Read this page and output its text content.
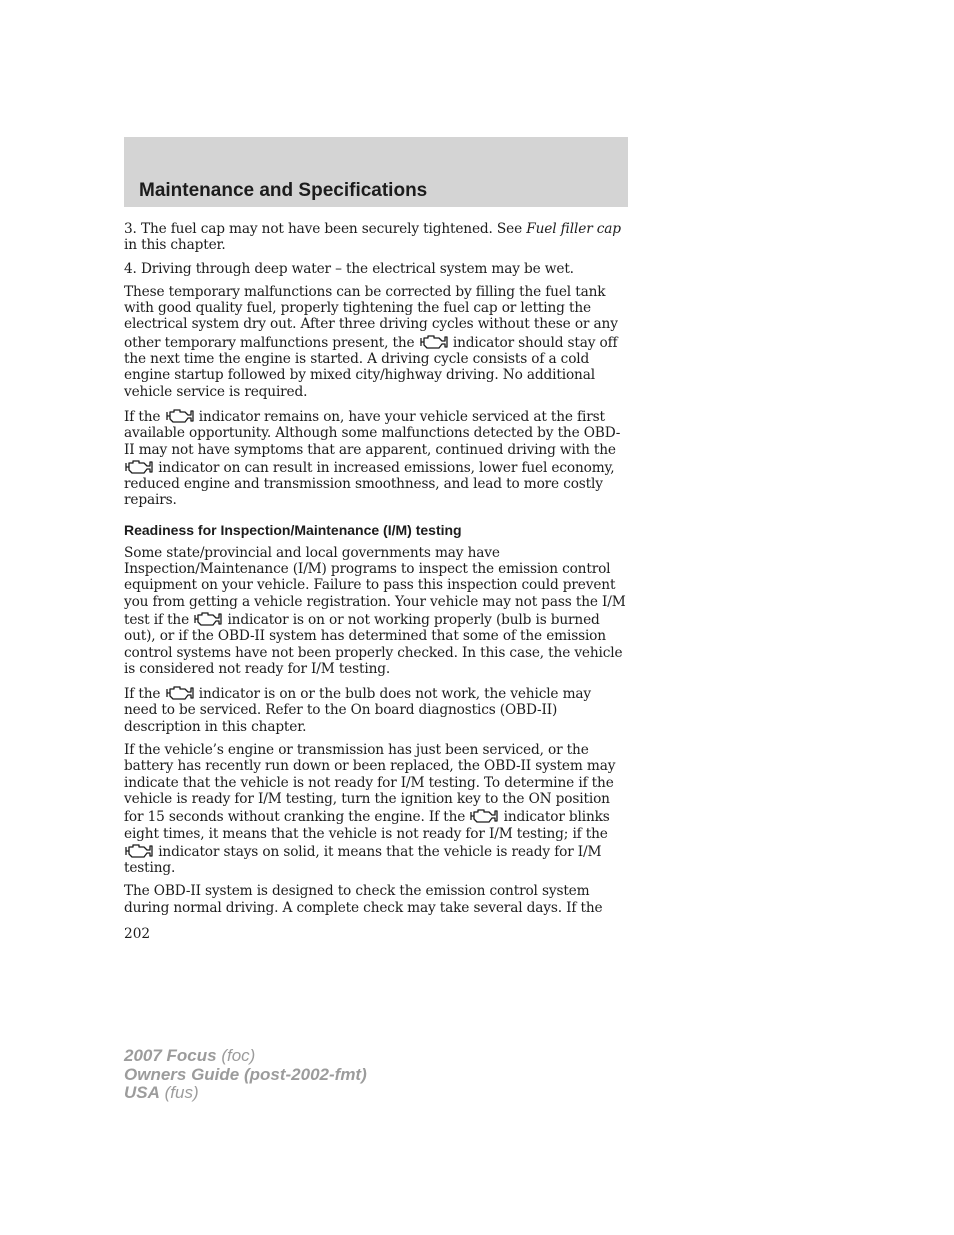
Maintenance and Specifications

3. The fuel cap may not have been securely tightened. See Fuel filler cap in this chapter.

4. Driving through deep water – the electrical system may be wet.

These temporary malfunctions can be corrected by filling the fuel tank with good quality fuel, properly tightening the fuel cap or letting the electrical system dry out. After three driving cycles without these or any other temporary malfunctions present, the
indicator should stay off the next time the engine is started. A driving cycle consists of a cold engine startup followed by mixed city/highway driving. No additional vehicle service is required.

If the
indicator remains on, have your vehicle serviced at the first available opportunity. Although some malfunctions detected by the OBD-II may not have symptoms that are apparent, continued driving with the
indicator on can result in increased emissions, lower fuel economy, reduced engine and transmission smoothness, and lead to more costly repairs.

Readiness for Inspection/Maintenance (I/M) testing

Some state/provincial and local governments may have Inspection/Maintenance (I/M) programs to inspect the emission control equipment on your vehicle. Failure to pass this inspection could prevent you from getting a vehicle registration. Your vehicle may not pass the I/M test if the
indicator is on or not working properly (bulb is burned out), or if the OBD-II system has determined that some of the emission control systems have not been properly checked. In this case, the vehicle is considered not ready for I/M testing.

If the
indicator is on or the bulb does not work, the vehicle may need to be serviced. Refer to the On board diagnostics (OBD-II) description in this chapter.

If the vehicle’s engine or transmission has just been serviced, or the battery has recently run down or been replaced, the OBD-II system may indicate that the vehicle is not ready for I/M testing. To determine if the vehicle is ready for I/M testing, turn the ignition key to the ON position for 15 seconds without cranking the engine. If the
indicator blinks eight times, it means that the vehicle is not ready for I/M testing; if the
indicator stays on solid, it means that the vehicle is ready for I/M testing.

The OBD-II system is designed to check the emission control system during normal driving. A complete check may take several days. If the

202
2007 Focus (foc)
Owners Guide (post-2002-fmt)
USA (fus)
